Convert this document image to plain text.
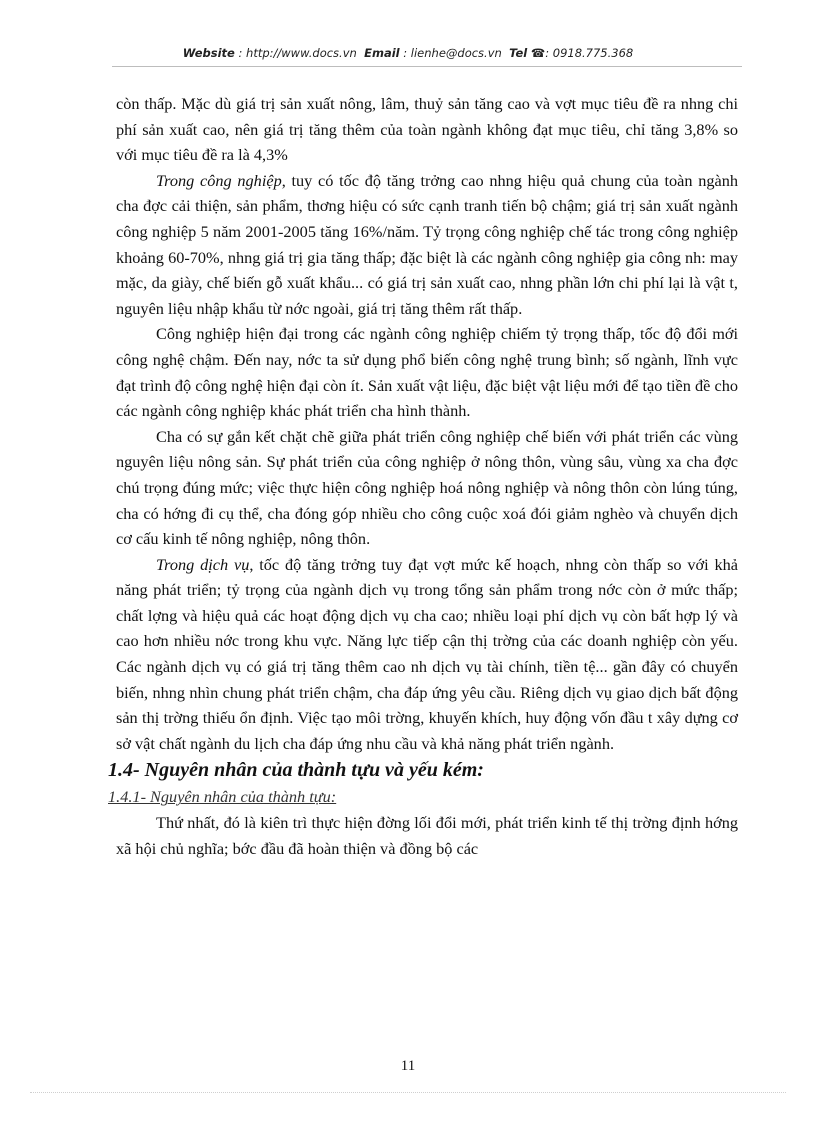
Website : http://www.docs.vn Email : lienhe@docs.vn Tel ☎: 0918.775.368

còn thấp. Mặc dù giá trị sản xuất nông, lâm, thuỷ sản tăng cao và vợt mục tiêu đề ra nhng chi phí sản xuất cao, nên giá trị tăng thêm của toàn ngành không đạt mục tiêu, chỉ tăng 3,8% so với mục tiêu đề ra là 4,3%

Trong công nghiệp, tuy có tốc độ tăng trởng cao nhng hiệu quả chung của toàn ngành cha đợc cải thiện, sản phẩm, thơng hiệu có sức cạnh tranh tiến bộ chậm; giá trị sản xuất ngành công nghiệp 5 năm 2001-2005 tăng 16%/năm. Tỷ trọng công nghiệp chế tác trong công nghiệp khoảng 60-70%, nhng giá trị gia tăng thấp; đặc biệt là các ngành công nghiệp gia công nh: may mặc, da giày, chế biến gỗ xuất khẩu... có giá trị sản xuất cao, nhng phần lớn chi phí lại là vật t, nguyên liệu nhập khẩu từ nớc ngoài, giá trị tăng thêm rất thấp.

Công nghiệp hiện đại trong các ngành công nghiệp chiếm tỷ trọng thấp, tốc độ đổi mới công nghệ chậm. Đến nay, nớc ta sử dụng phổ biến công nghệ trung bình; số ngành, lĩnh vực đạt trình độ công nghệ hiện đại còn ít. Sản xuất vật liệu, đặc biệt vật liệu mới để tạo tiền đề cho các ngành công nghiệp khác phát triển cha hình thành.

Cha có sự gắn kết chặt chẽ giữa phát triển công nghiệp chế biến với phát triển các vùng nguyên liệu nông sản. Sự phát triển của công nghiệp ở nông thôn, vùng sâu, vùng xa cha đợc chú trọng đúng mức; việc thực hiện công nghiệp hoá nông nghiệp và nông thôn còn lúng túng, cha có hớng đi cụ thể, cha đóng góp nhiều cho công cuộc xoá đói giảm nghèo và chuyển dịch cơ cấu kinh tế nông nghiệp, nông thôn.

Trong dịch vụ, tốc độ tăng trởng tuy đạt vợt mức kế hoạch, nhng còn thấp so với khả năng phát triển; tỷ trọng của ngành dịch vụ trong tổng sản phẩm trong nớc còn ở mức thấp; chất lợng và hiệu quả các hoạt động dịch vụ cha cao; nhiều loại phí dịch vụ còn bất hợp lý và cao hơn nhiều nớc trong khu vực. Năng lực tiếp cận thị trờng của các doanh nghiệp còn yếu. Các ngành dịch vụ có giá trị tăng thêm cao nh dịch vụ tài chính, tiền tệ... gần đây có chuyển biến, nhng nhìn chung phát triển chậm, cha đáp ứng yêu cầu. Riêng dịch vụ giao dịch bất động sản thị trờng thiếu ổn định. Việc tạo môi trờng, khuyến khích, huy động vốn đầu t xây dựng cơ sở vật chất ngành du lịch cha đáp ứng nhu cầu và khả năng phát triển ngành.

1.4- Nguyên nhân của thành tựu và yếu kém:

1.4.1- Nguyên nhân của thành tựu:

Thứ nhất, đó là kiên trì thực hiện đờng lối đổi mới, phát triển kinh tế thị trờng định hớng xã hội chủ nghĩa; bớc đầu đã hoàn thiện và đồng bộ các

11
